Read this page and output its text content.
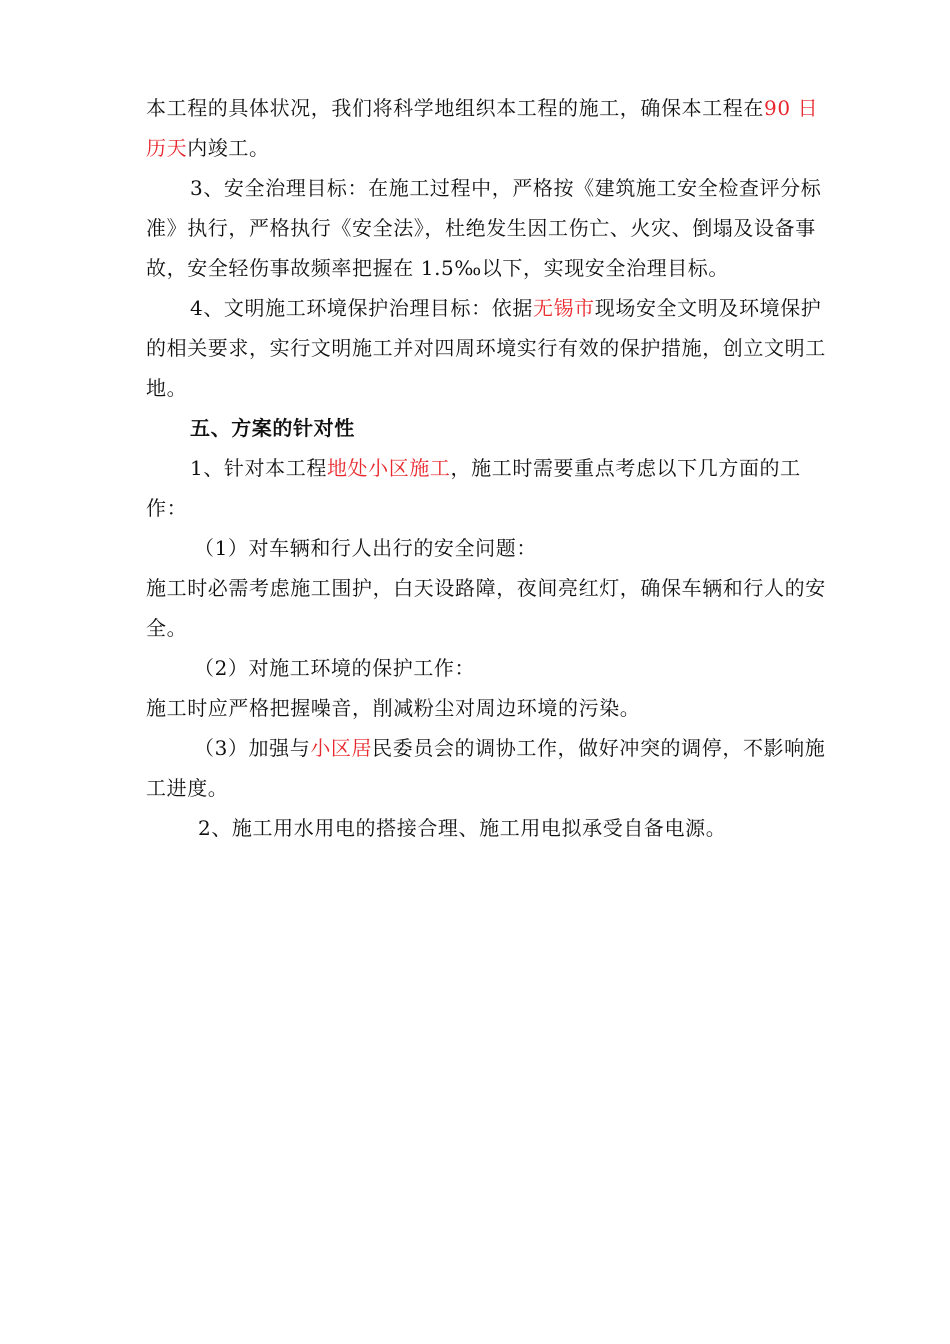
本工程的具体状况，我们将科学地组织本工程的施工，确保本工程在90 日历天内竣工。

3、安全治理目标：在施工过程中，严格按《建筑施工安全检查评分标准》执行，严格执行《安全法》，杜绝发生因工伤亡、火灾、倒塌及设备事故，安全轻伤事故频率把握在 1.5‰以下，实现安全治理目标。

4、文明施工环境保护治理目标：依据无锡市现场安全文明及环境保护的相关要求，实行文明施工并对四周环境实行有效的保护措施，创立文明工地。

五、方案的针对性

1、针对本工程地处小区施工，施工时需要重点考虑以下几方面的工作：

（1）对车辆和行人出行的安全问题：

施工时必需考虑施工围护，白天设路障，夜间亮红灯，确保车辆和行人的安全。

（2）对施工环境的保护工作：

施工时应严格把握噪音，削减粉尘对周边环境的污染。

（3）加强与小区居民委员会的调协工作，做好冲突的调停，不影响施工进度。

2、施工用水用电的搭接合理、施工用电拟承受自备电源。
